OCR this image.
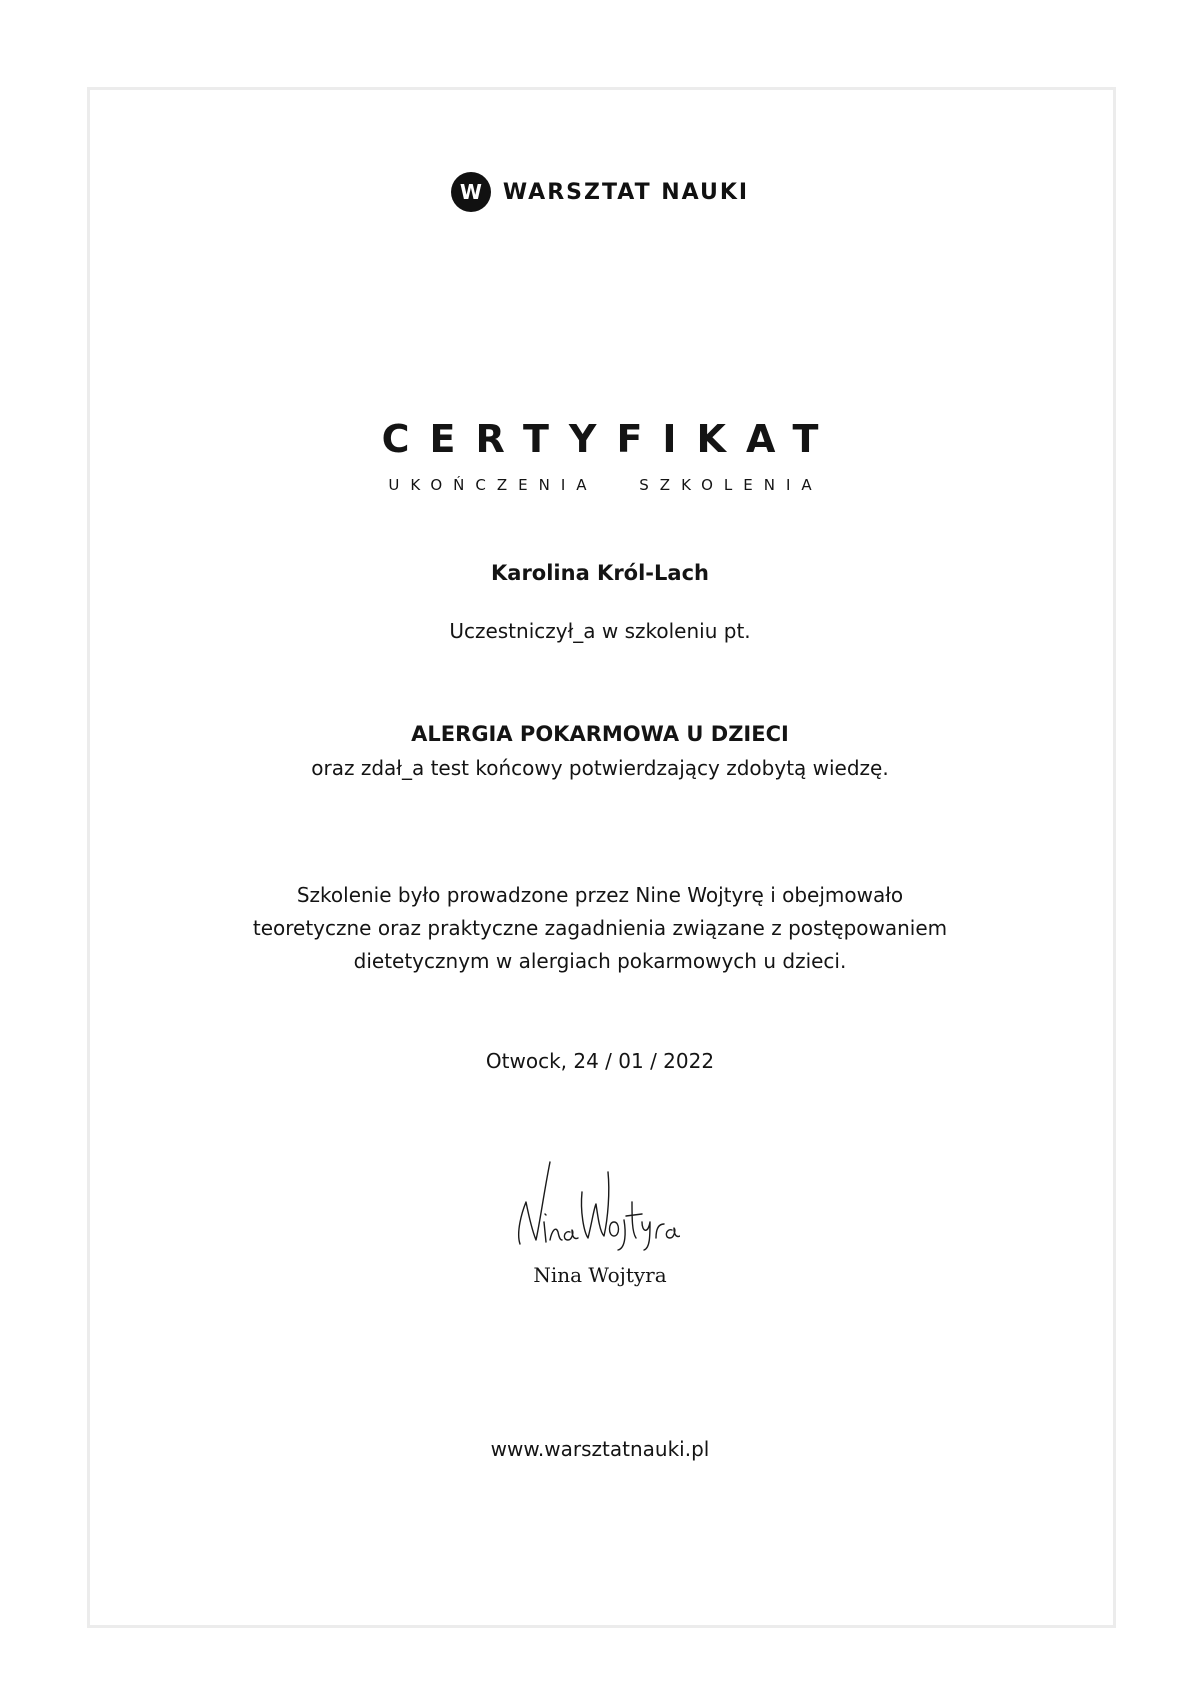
W WARSZTAT NAUKI
CERTYFIKAT
UKOŃCZENIA SZKOLENIA
Karolina Król-Lach
Uczestniczył_a w szkoleniu pt.
ALERGIA POKARMOWA U DZIECI
oraz zdał_a test końcowy potwierdzający zdobytą wiedzę.
Szkolenie było prowadzone przez Nine Wojtyrę i obejmowało
teoretyczne oraz praktyczne zagadnienia związane z postępowaniem
dietetycznym w alergiach pokarmowych u dzieci.
Otwock, 24 / 01 / 2022
Nina Wojtyra
www.warsztatnauki.pl
